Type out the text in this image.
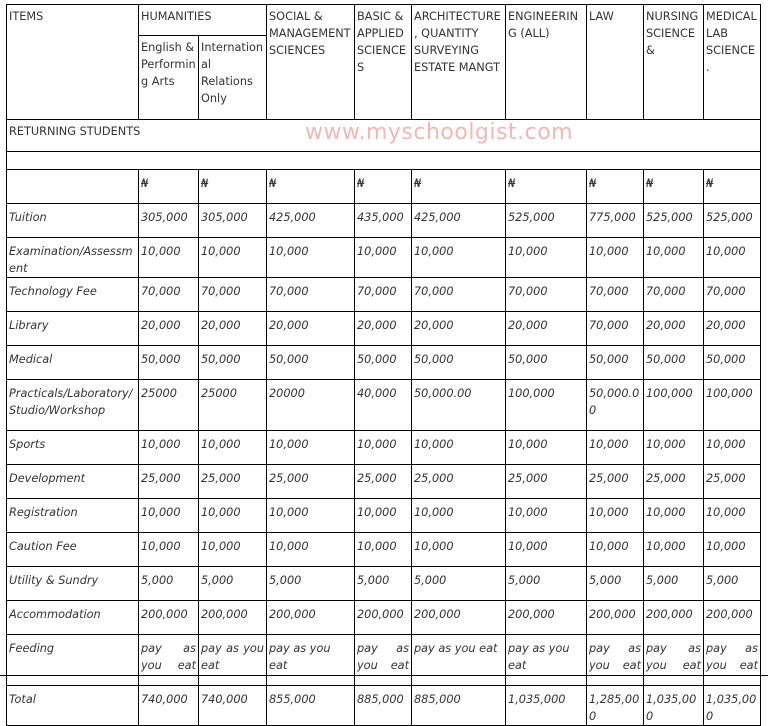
ITEMS	HUMANITIES		SOCIAL & MANAGEMENT SCIENCES	BASIC & APPLIED SCIENCES	ARCHITECTURE, QUANTITY SURVEYING ESTATE MANGT	ENGINEERING (ALL)	LAW	NURSING SCIENCE&	MEDICAL LAB SCIENCE.
	English & Performing Arts	International Relations Only							
RETURNING STUDENTS www.myschoolgist.com									

	₦	₦	₦	₦	₦	₦	₦	₦	₦
Tuition	305,000	305,000	425,000	435,000	425,000	525,000	775,000	525,000	525,000
Examination/Assessment	10,000	10,000	10,000	10,000	10,000	10,000	10,000	10,000	10,000
Technology Fee	70,000	70,000	70,000	70,000	70,000	70,000	70,000	70,000	70,000
Library	20,000	20,000	20,000	20,000	20,000	20,000	70,000	20,000	20,000
Medical	50,000	50,000	50,000	50,000	50,000	50,000	50,000	50,000	50,000
Practicals/Laboratory/ Studio/Workshop	25000	25000	20000	40,000	50,000.00	100,000	50,000.00	100,000	100,000
Sports	10,000	10,000	10,000	10,000	10,000	10,000	10,000	10,000	10,000
Development	25,000	25,000	25,000	25,000	25,000	25,000	25,000	25,000	25,000
Registration	10,000	10,000	10,000	10,000	10,000	10,000	10,000	10,000	10,000
Caution Fee	10,000	10,000	10,000	10,000	10,000	10,000	10,000	10,000	10,000
Utility & Sundry	5,000	5,000	5,000	5,000	5,000	5,000	5,000	5,000	5,000
Accommodation	200,000	200,000	200,000	200,000	200,000	200,000	200,000	200,000	200,000
Feeding	pay as you eat	pay as you eat	pay as you eat	pay as you eat	pay as you eat	pay as you eat	pay as you eat	pay as you eat	pay as you eat
Total	740,000	740,000	855,000	885,000	885,000	1,035,000	1,285,000	1,035,000	1,035,000
